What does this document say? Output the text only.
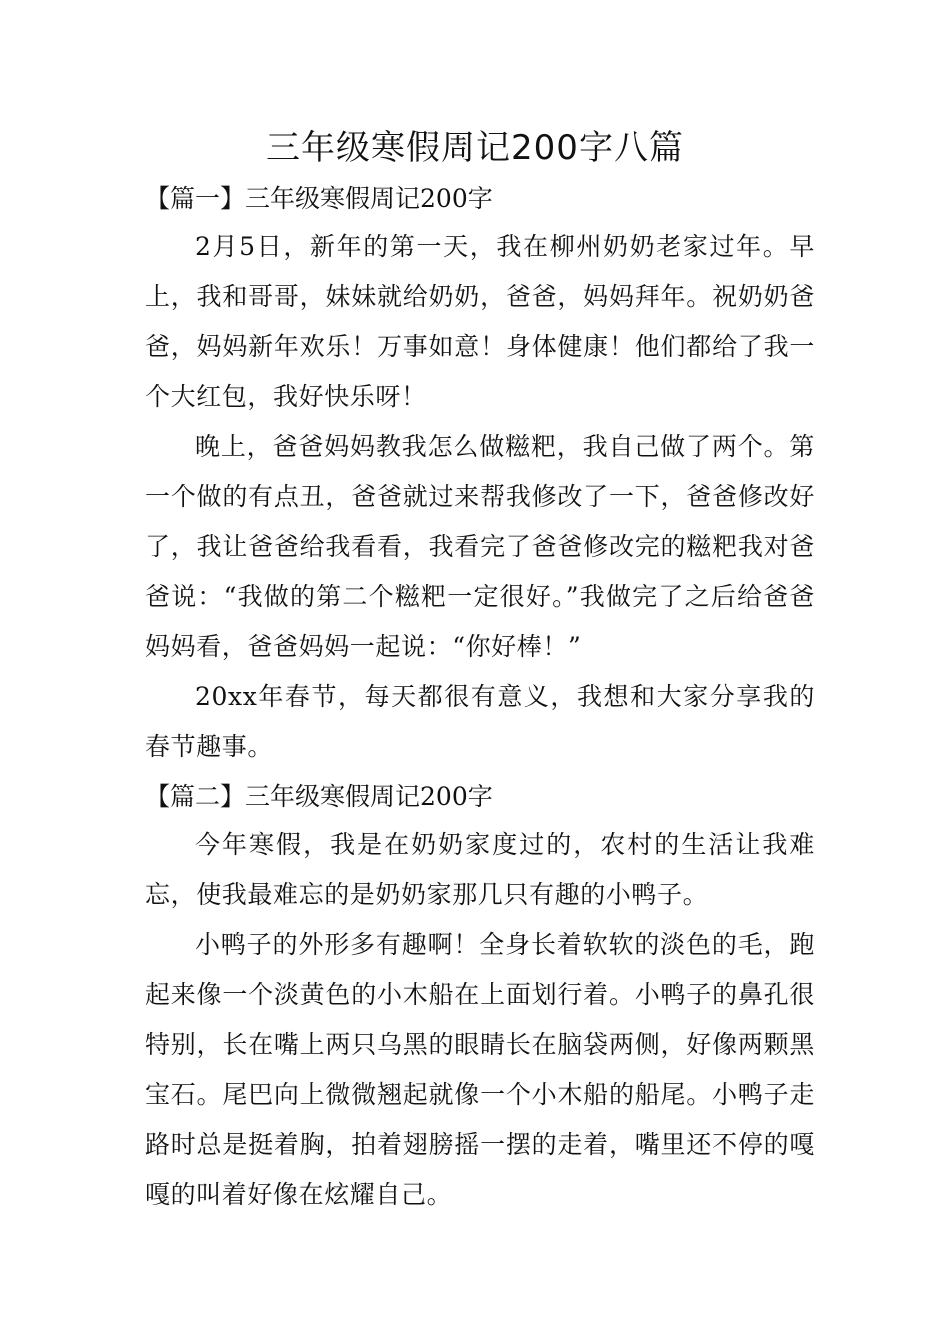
三年级寒假周记200字八篇
【篇一】三年级寒假周记200字
2月5日，新年的第一天，我在柳州奶奶老家过年。早上，我和哥哥，妹妹就给奶奶，爸爸，妈妈拜年。祝奶奶爸爸，妈妈新年欢乐！万事如意！身体健康！他们都给了我一个大红包，我好快乐呀！
晚上，爸爸妈妈教我怎么做糍粑，我自己做了两个。第一个做的有点丑，爸爸就过来帮我修改了一下，爸爸修改好了，我让爸爸给我看看，我看完了爸爸修改完的糍粑我对爸爸说：“我做的第二个糍粑一定很好。”我做完了之后给爸爸妈妈看，爸爸妈妈一起说：“你好棒！”
20xx年春节，每天都很有意义，我想和大家分享我的春节趣事。
【篇二】三年级寒假周记200字
今年寒假，我是在奶奶家度过的，农村的生活让我难忘，使我最难忘的是奶奶家那几只有趣的小鸭子。
小鸭子的外形多有趣啊！全身长着软软的淡色的毛，跑起来像一个淡黄色的小木船在上面划行着。小鸭子的鼻孔很特别，长在嘴上两只乌黑的眼睛长在脑袋两侧，好像两颗黑宝石。尾巴向上微微翘起就像一个小木船的船尾。小鸭子走路时总是挺着胸，拍着翅膀摇一摆的走着，嘴里还不停的嘎嘎的叫着好像在炫耀自己。
